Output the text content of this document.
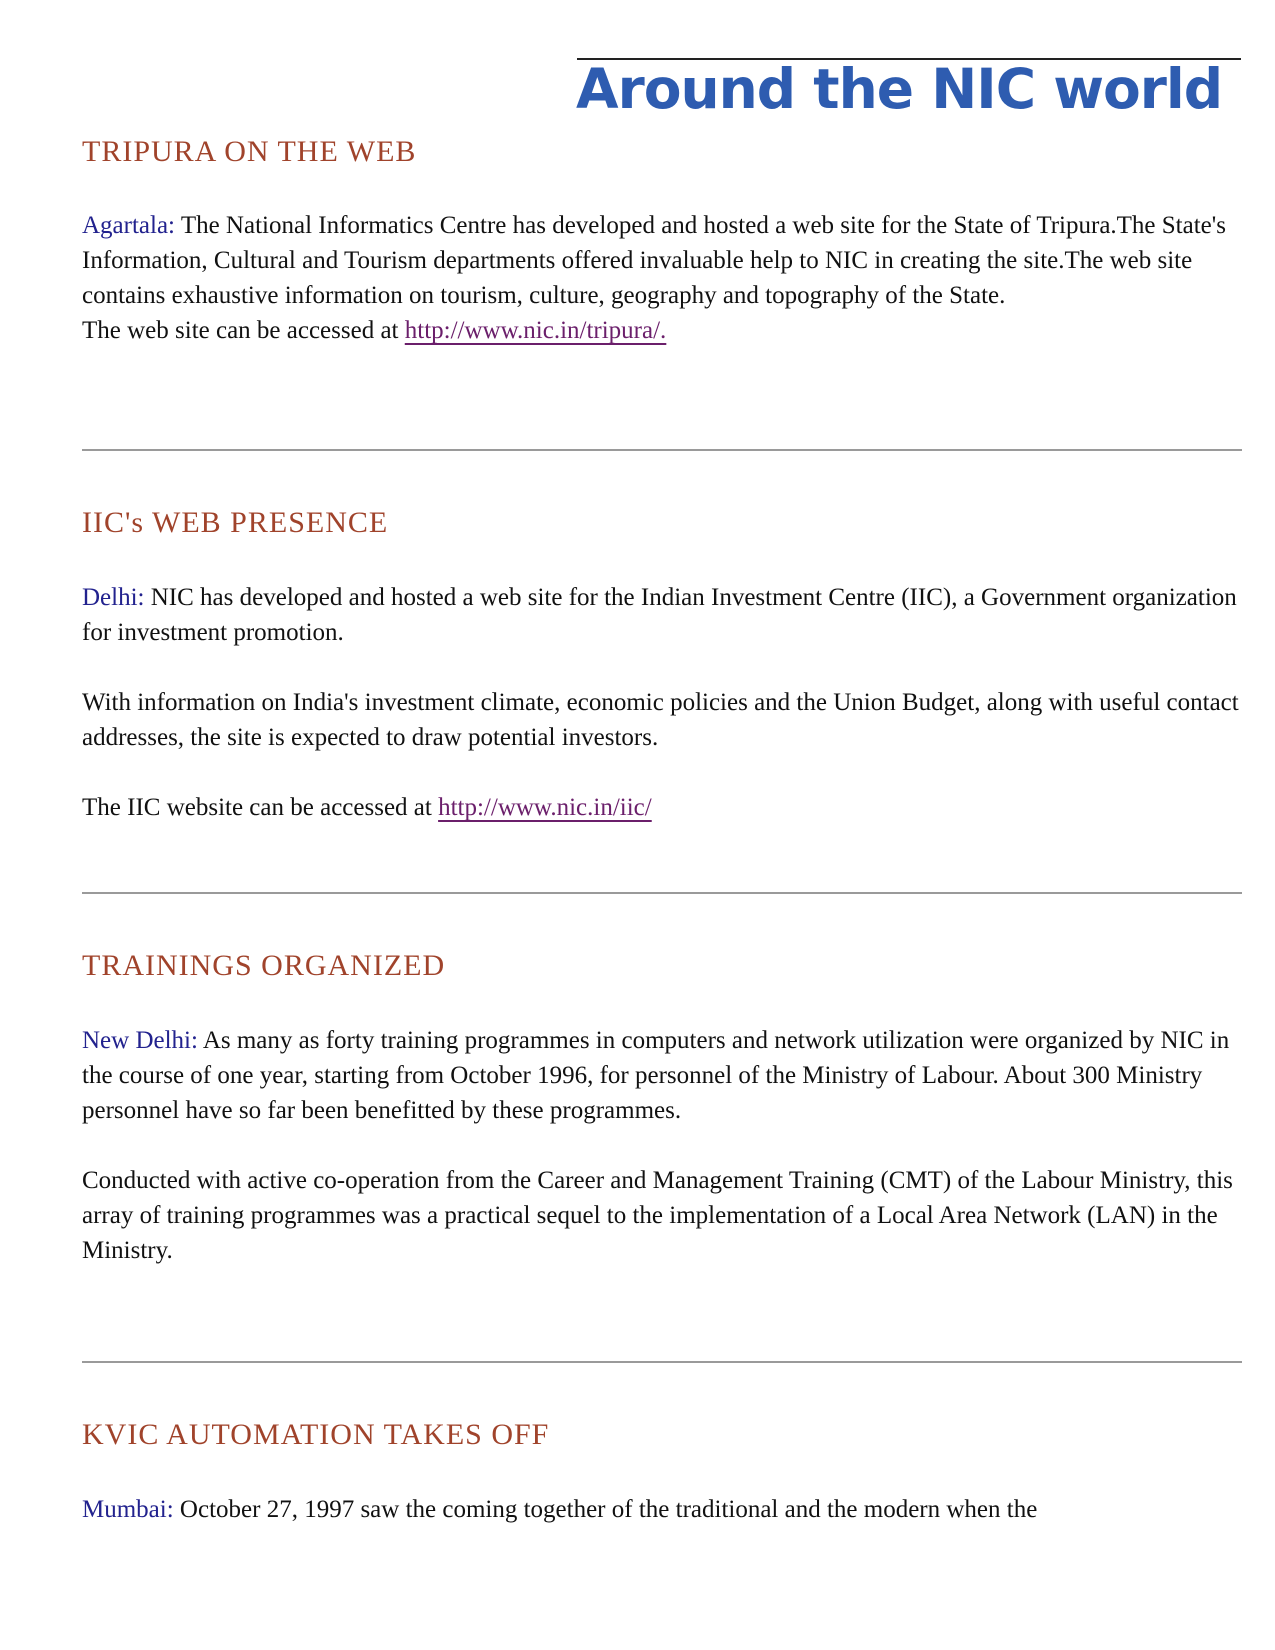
Around the NIC world
TRIPURA ON THE WEB

Agartala: The National Informatics Centre has developed and hosted a web site for the State of Tripura.The State's Information, Cultural and Tourism departments offered invaluable help to NIC in creating the site.The web site contains exhaustive information on tourism, culture, geography and topography of the State.

The web site can be accessed at http://www.nic.in/tripura/.

IIC's WEB PRESENCE

Delhi: NIC has developed and hosted a web site for the Indian Investment Centre (IIC), a Government organization for investment promotion.

With information on India's investment climate, economic policies and the Union Budget, along with useful contact addresses, the site is expected to draw potential investors.

The IIC website can be accessed at http://www.nic.in/iic/

TRAININGS ORGANIZED

New Delhi: As many as forty training programmes in computers and network utilization were organized by NIC in the course of one year, starting from October 1996, for personnel of the Ministry of Labour. About 300 Ministry personnel have so far been benefitted by these programmes.

Conducted with active co-operation from the Career and Management Training (CMT) of the Labour Ministry, this array of training programmes was a practical sequel to the implementation of a Local Area Network (LAN) in the Ministry.

KVIC AUTOMATION TAKES OFF

Mumbai: October 27, 1997 saw the coming together of the traditional and the modern when the
